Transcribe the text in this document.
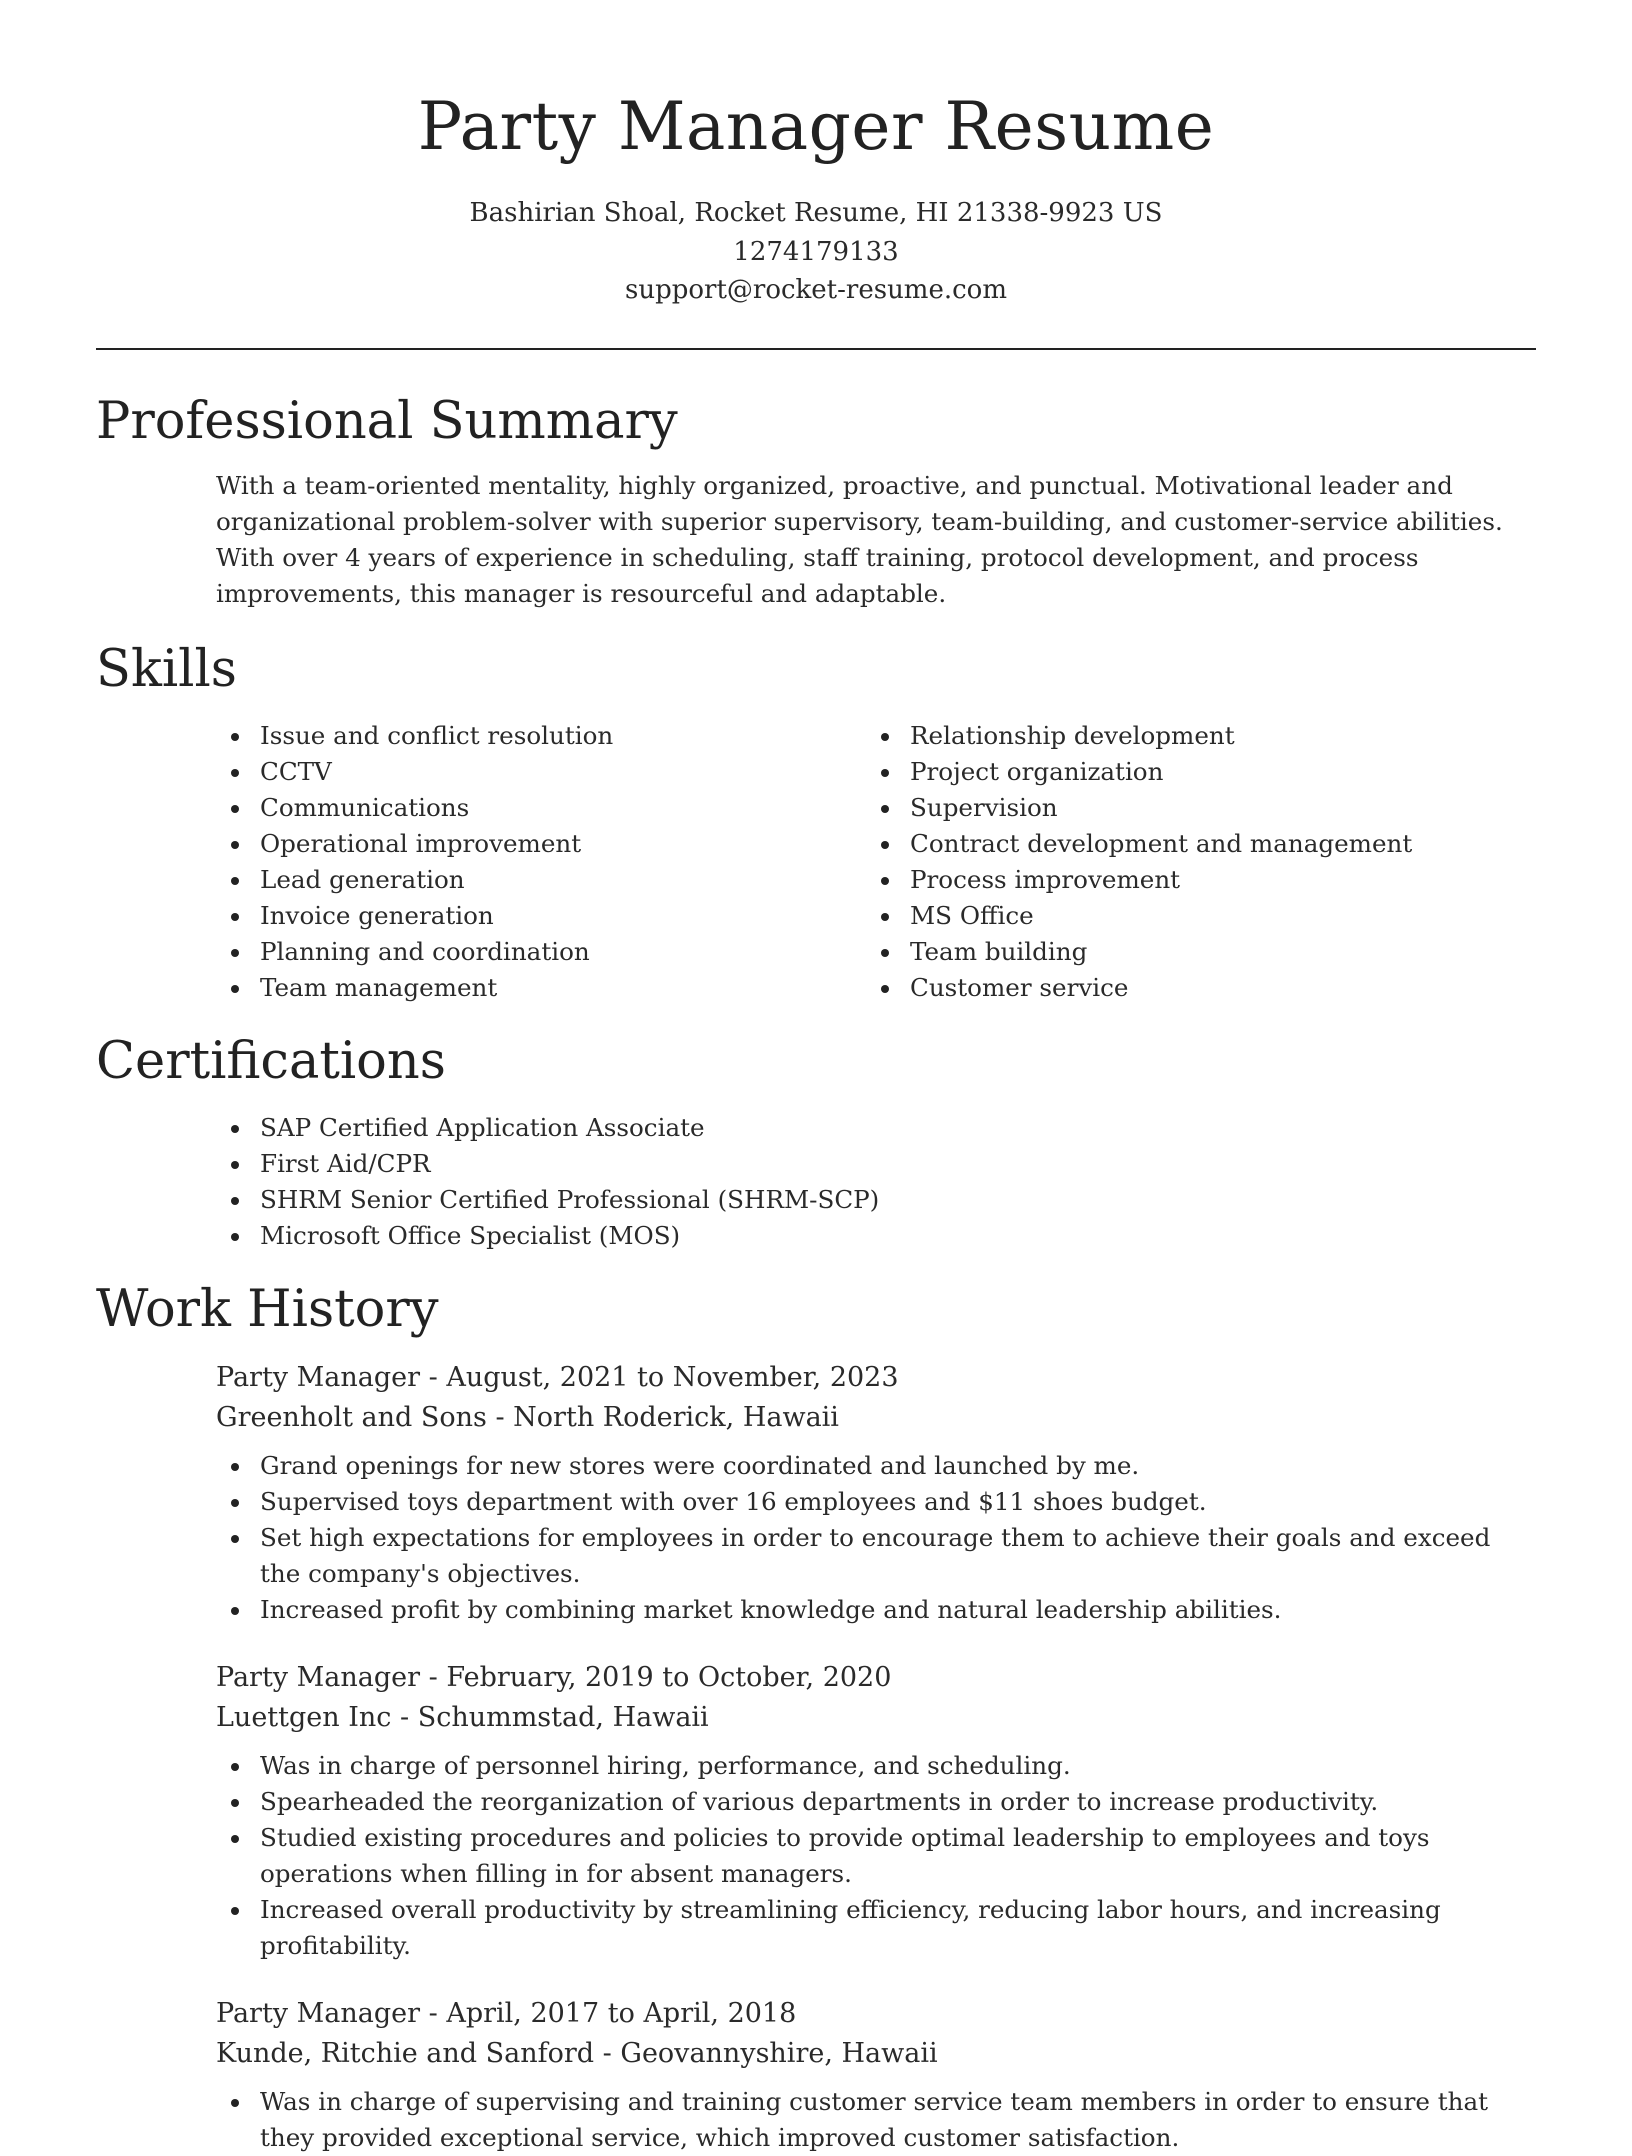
Party Manager Resume
Bashirian Shoal, Rocket Resume, HI 21338-9923 US
1274179133
support@rocket-resume.com
Professional Summary

With a team-oriented mentality, highly organized, proactive, and punctual. Motivational leader and organizational problem-solver with superior supervisory, team-building, and customer-service abilities. With over 4 years of experience in scheduling, staff training, protocol development, and process improvements, this manager is resourceful and adaptable.

Skills
Issue and conflict resolution
CCTV
Communications
Operational improvement
Lead generation
Invoice generation
Planning and coordination
Team management
Relationship development
Project organization
Supervision
Contract development and management
Process improvement
MS Office
Team building
Customer service
Certifications
SAP Certified Application Associate
First Aid/CPR
SHRM Senior Certified Professional (SHRM-SCP)
Microsoft Office Specialist (MOS)
Work History
Party Manager - August, 2021 to November, 2023
Greenholt and Sons - North Roderick, Hawaii
Grand openings for new stores were coordinated and launched by me.
Supervised toys department with over 16 employees and $11 shoes budget.
Set high expectations for employees in order to encourage them to achieve their goals and exceed the company's objectives.
Increased profit by combining market knowledge and natural leadership abilities.
Party Manager - February, 2019 to October, 2020
Luettgen Inc - Schummstad, Hawaii
Was in charge of personnel hiring, performance, and scheduling.
Spearheaded the reorganization of various departments in order to increase productivity.
Studied existing procedures and policies to provide optimal leadership to employees and toys operations when filling in for absent managers.
Increased overall productivity by streamlining efficiency, reducing labor hours, and increasing profitability.
Party Manager - April, 2017 to April, 2018
Kunde, Ritchie and Sanford - Geovannyshire, Hawaii
Was in charge of supervising and training customer service team members in order to ensure that they provided exceptional service, which improved customer satisfaction.
